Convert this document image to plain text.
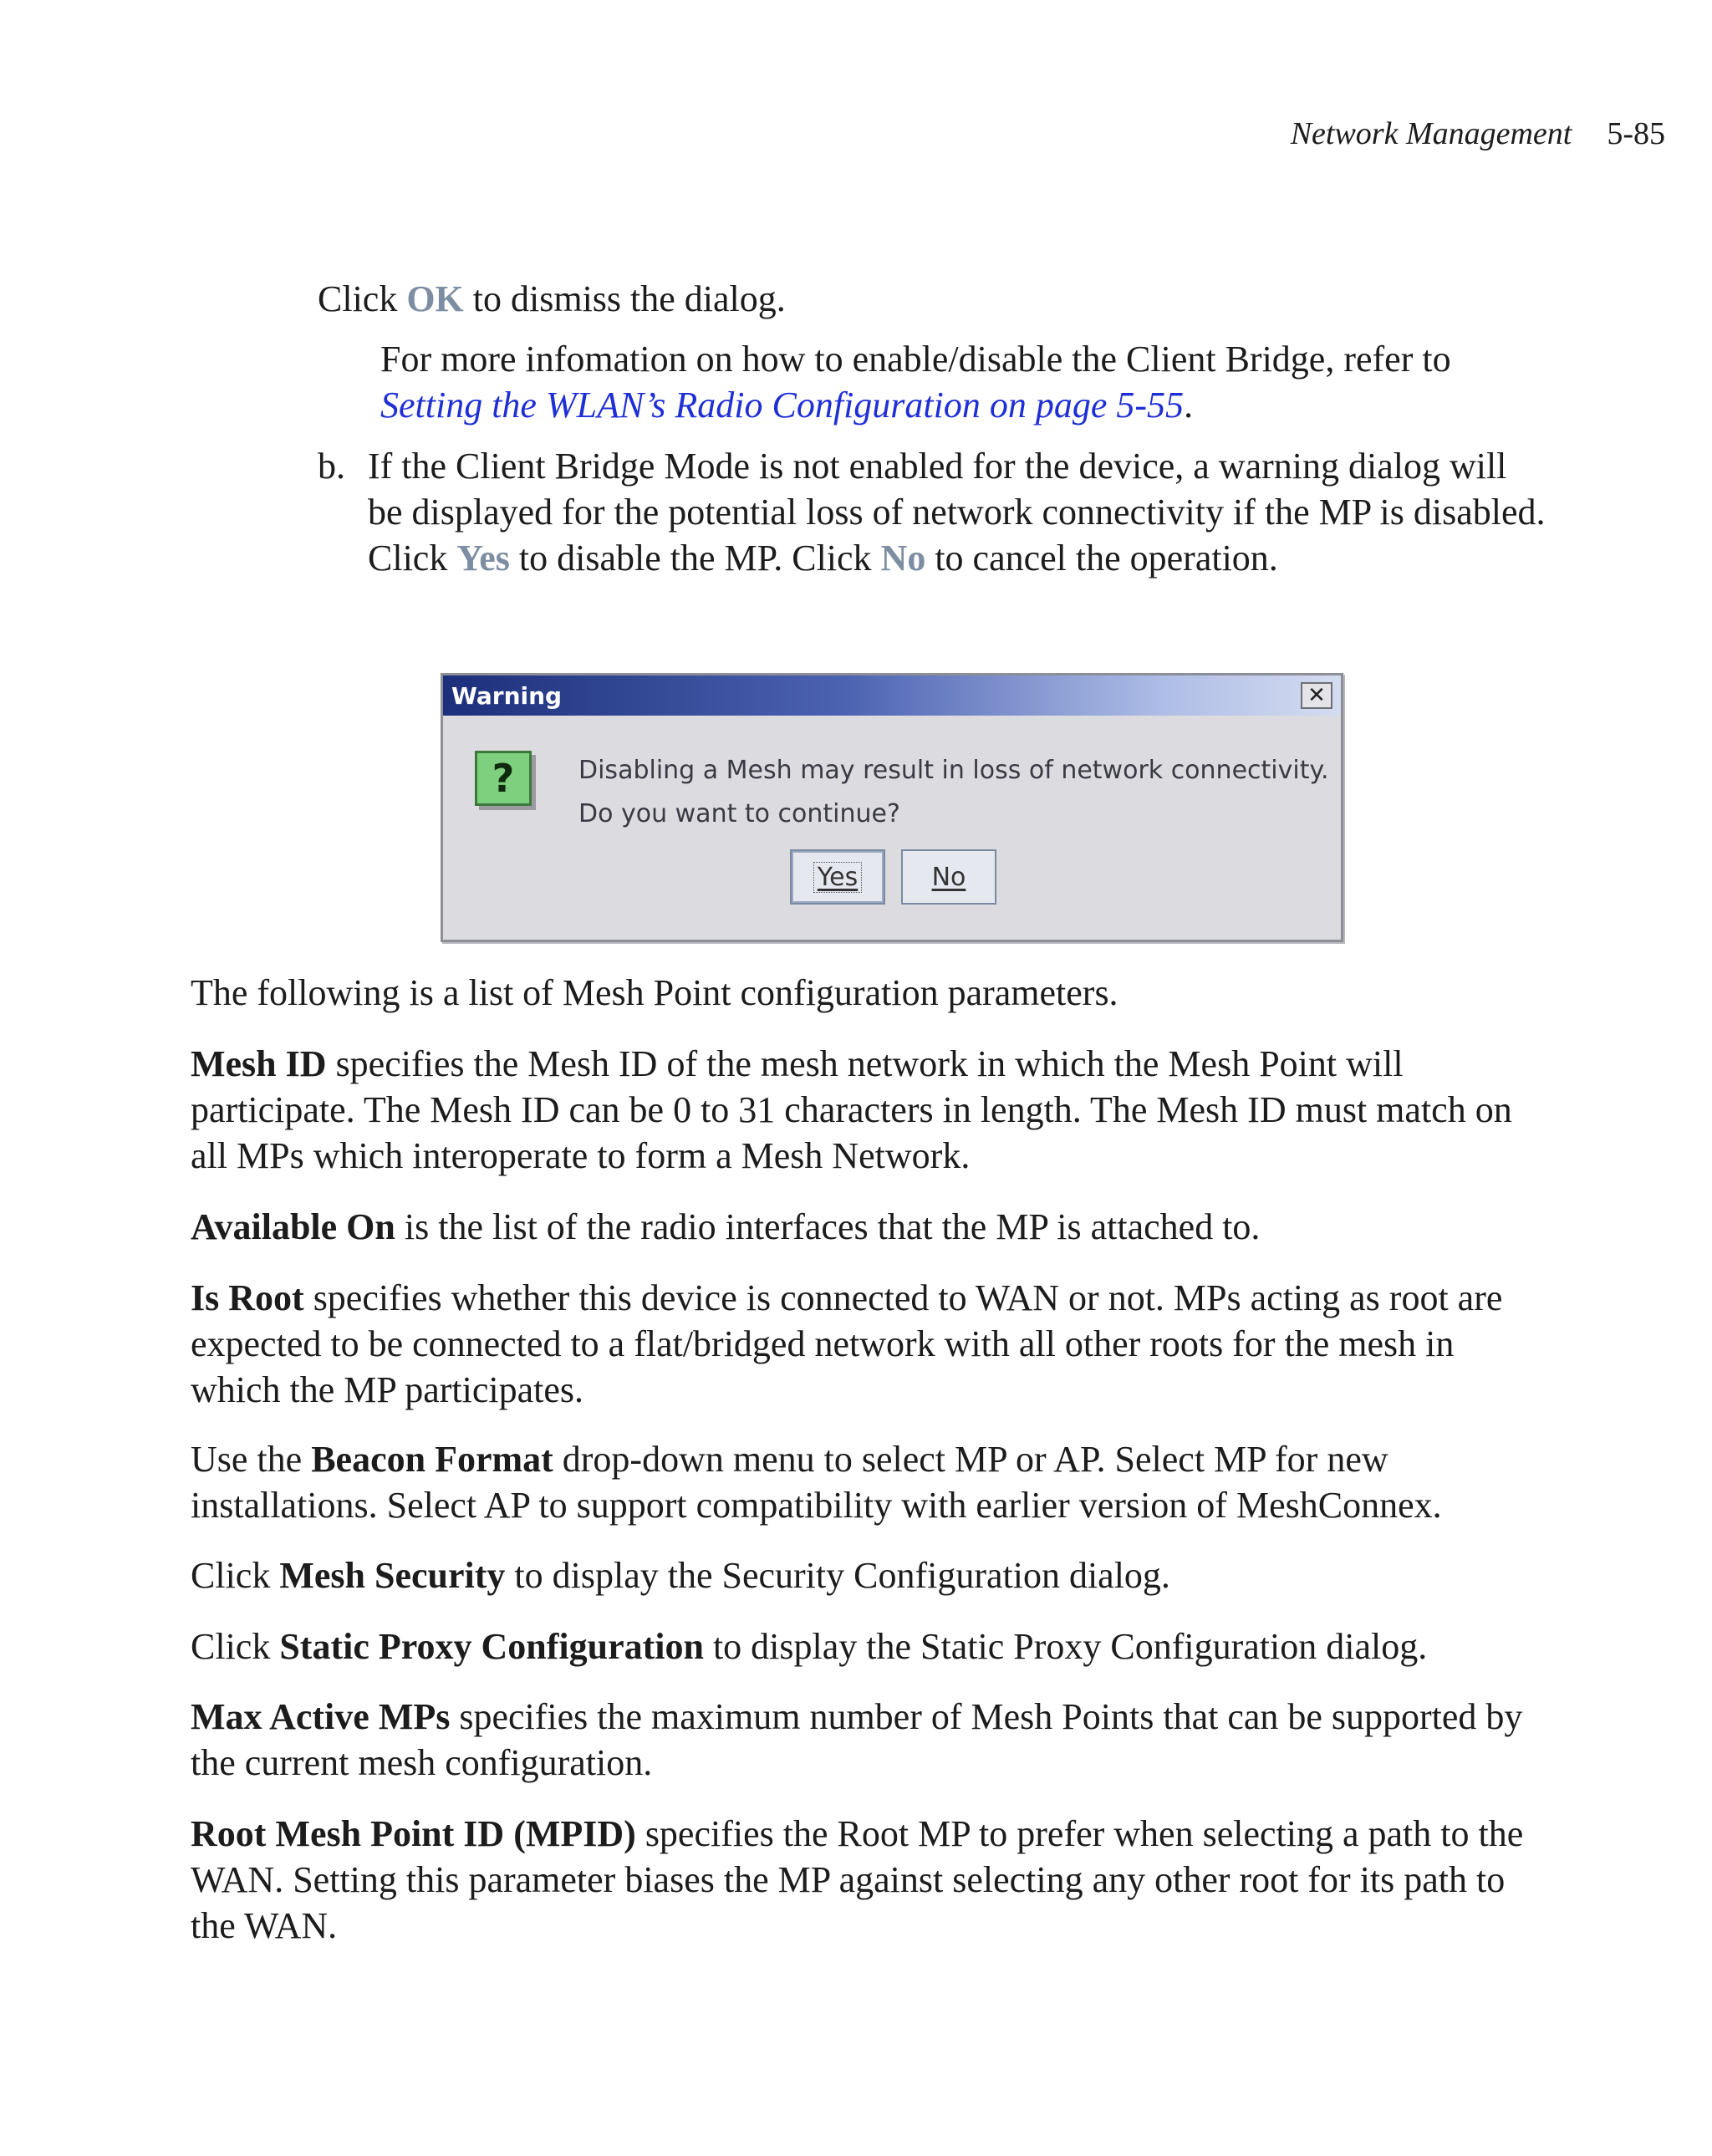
Network Management 5-85
Click OK to dismiss the dialog.
For more infomation on how to enable/disable the Client Bridge, refer to
Setting the WLAN’s Radio Configuration on page 5-55.
b. If the Client Bridge Mode is not enabled for the device, a warning dialog will
be displayed for the potential loss of network connectivity if the MP is disabled.
Click Yes to disable the MP. Click No to cancel the operation.
Warning	✕
?	Disabling a Mesh may result in loss of network connectivity.
Do you want to continue?
Yes	No
The following is a list of Mesh Point configuration parameters.
Mesh ID specifies the Mesh ID of the mesh network in which the Mesh Point will
participate. The Mesh ID can be 0 to 31 characters in length. The Mesh ID must match on
all MPs which interoperate to form a Mesh Network.
Available On is the list of the radio interfaces that the MP is attached to.
Is Root specifies whether this device is connected to WAN or not. MPs acting as root are
expected to be connected to a flat/bridged network with all other roots for the mesh in
which the MP participates.
Use the Beacon Format drop-down menu to select MP or AP. Select MP for new
installations. Select AP to support compatibility with earlier version of MeshConnex.
Click Mesh Security to display the Security Configuration dialog.
Click Static Proxy Configuration to display the Static Proxy Configuration dialog.
Max Active MPs specifies the maximum number of Mesh Points that can be supported by
the current mesh configuration.
Root Mesh Point ID (MPID) specifies the Root MP to prefer when selecting a path to the
WAN. Setting this parameter biases the MP against selecting any other root for its path to
the WAN.
